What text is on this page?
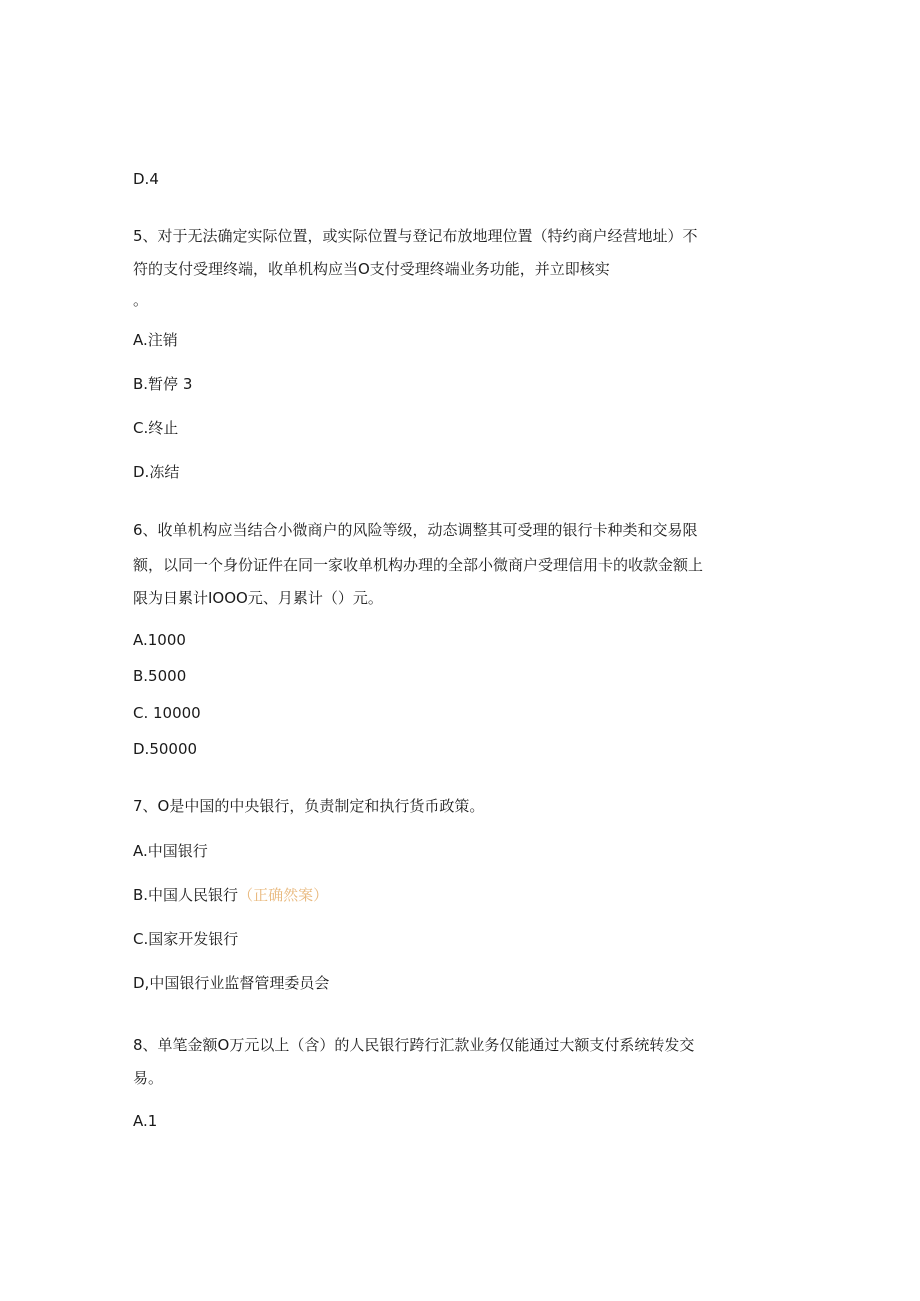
D.4
5、对于无法确定实际位置，或实际位置与登记布放地理位置（特约商户经营地址）不
符的支付受理终端，收单机构应当O支付受理终端业务功能，并立即核实
。
A.注销
B.暂停 3
C.终止
D.冻结
6、收单机构应当结合小微商户的风险等级，动态调整其可受理的银行卡种类和交易限
额，以同一个身份证件在同一家收单机构办理的全部小微商户受理信用卡的收款金额上
限为日累计IOOO元、月累计（）元。
A.1000
B.5000
C. 10000
D.50000
7、O是中国的中央银行，负责制定和执行货币政策。
A.中国银行
B.中国人民银行（正确然案）
C.国家开发银行
D,中国银行业监督管理委员会
8、单笔金额O万元以上（含）的人民银行跨行汇款业务仅能通过大额支付系统转发交
易。
A.1
